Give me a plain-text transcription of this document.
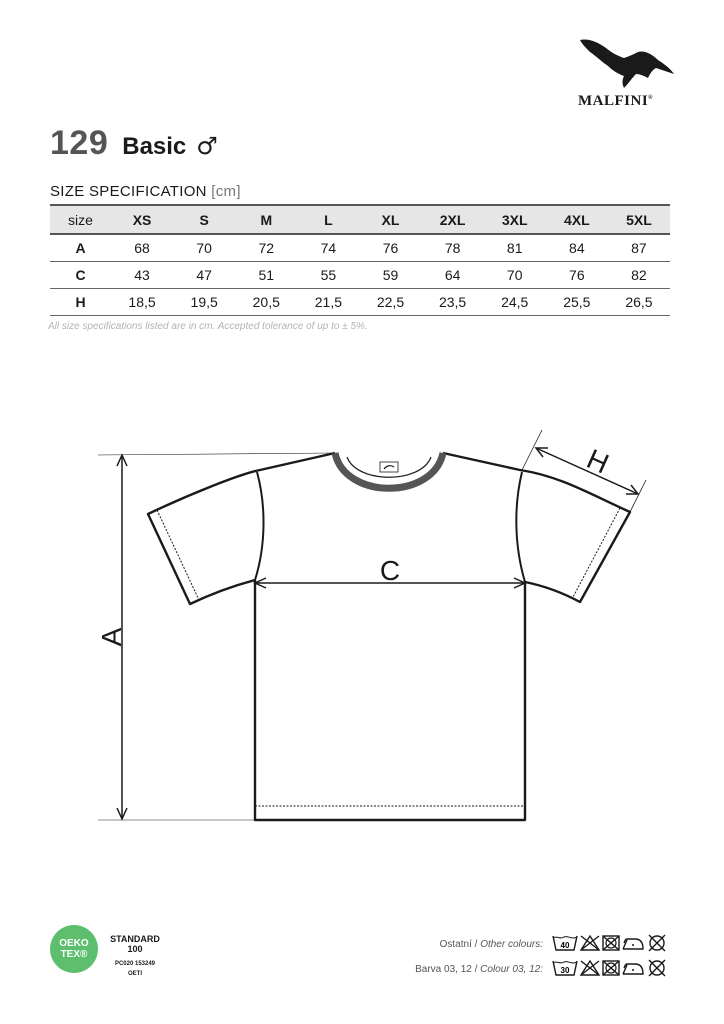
MALFINI®
129 Basic ♂
SIZE SPECIFICATION [cm]
size	XS	S	M	L	XL	2XL	3XL	4XL	5XL
A	68	70	72	74	76	78	81	84	87
C	43	47	51	55	59	64	70	76	82
H	18,5	19,5	20,5	21,5	22,5	23,5	24,5	25,5	26,5
All size specifications listed are in cm. Accepted tolerance of up to ± 5%.
A
C
H
OEKO
TEX®
STANDARD
100
PC020 153249
OETI
Ostatní / Other colours:
Barva 03, 12 / Colour 03, 12:
40
30
